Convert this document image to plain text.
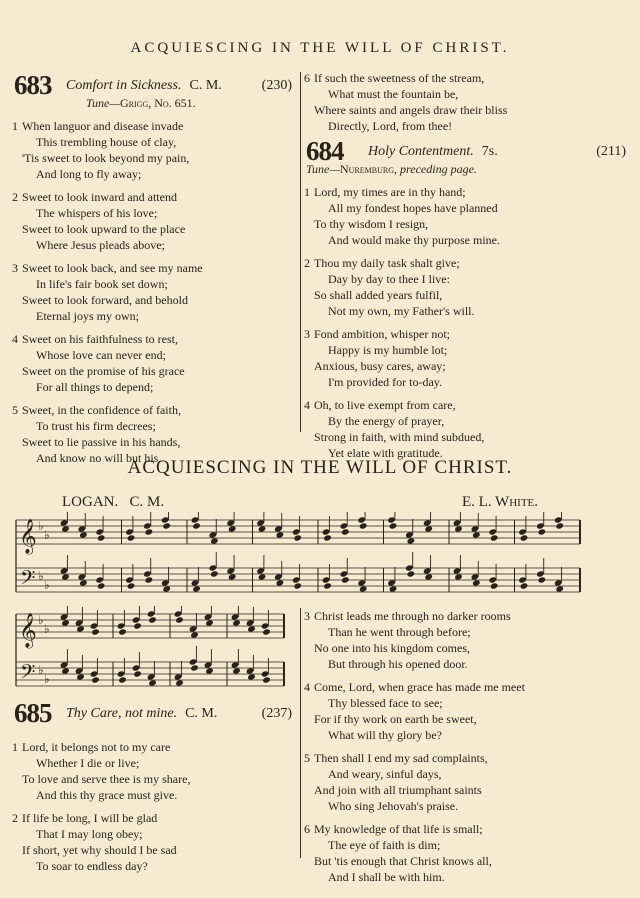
ACQUIESCING IN THE WILL OF CHRIST.
683 Comfort in Sickness. C. M.	(230)
Tune—Grigg, No. 651.
1 When languor and disease invade
This trembling house of clay,
'Tis sweet to look beyond my pain,
And long to fly away;
2 Sweet to look inward and attend
The whispers of his love;
Sweet to look upward to the place
Where Jesus pleads above;
3 Sweet to look back, and see my name
In life's fair book set down;
Sweet to look forward, and behold
Eternal joys my own;
4 Sweet on his faithfulness to rest,
Whose love can never end;
Sweet on the promise of his grace
For all things to depend;
5 Sweet, in the confidence of faith,
To trust his firm decrees;
Sweet to lie passive in his hands,
And know no will but his.
6 If such the sweetness of the stream,
What must the fountain be,
Where saints and angels draw their bliss
Directly, Lord, from thee!
684 Holy Contentment. 7s.	(211)
Tune—Nuremburg, preceding page.
1 Lord, my times are in thy hand;
All my fondest hopes have planned
To thy wisdom I resign,
And would make thy purpose mine.
2 Thou my daily task shalt give;
Day by day to thee I live:
So shall added years fulfil,
Not my own, my Father's will.
3 Fond ambition, whisper not;
Happy is my humble lot;
Anxious, busy cares, away;
I'm provided for to-day.
4 Oh, to live exempt from care,
By the energy of prayer,
Strong in faith, with mind subdued,
Yet elate with gratitude.
ACQUIESCING IN THE WILL OF CHRIST.
LOGAN. C. M.	E. L. White.
𝄞
𝄢
♭
♭
♭
♭
𝄞
𝄢
♭
♭
♭
♭
685 Thy Care, not mine. C. M.	(237)
1 Lord, it belongs not to my care
Whether I die or live;
To love and serve thee is my share,
And this thy grace must give.
2 If life be long, I will be glad
That I may long obey;
If short, yet why should I be sad
To soar to endless day?
3 Christ leads me through no darker rooms
Than he went through before;
No one into his kingdom comes,
But through his opened door.
4 Come, Lord, when grace has made me meet
Thy blessed face to see;
For if thy work on earth be sweet,
What will thy glory be?
5 Then shall I end my sad complaints,
And weary, sinful days,
And join with all triumphant saints
Who sing Jehovah's praise.
6 My knowledge of that life is small;
The eye of faith is dim;
But 'tis enough that Christ knows all,
And I shall be with him.
